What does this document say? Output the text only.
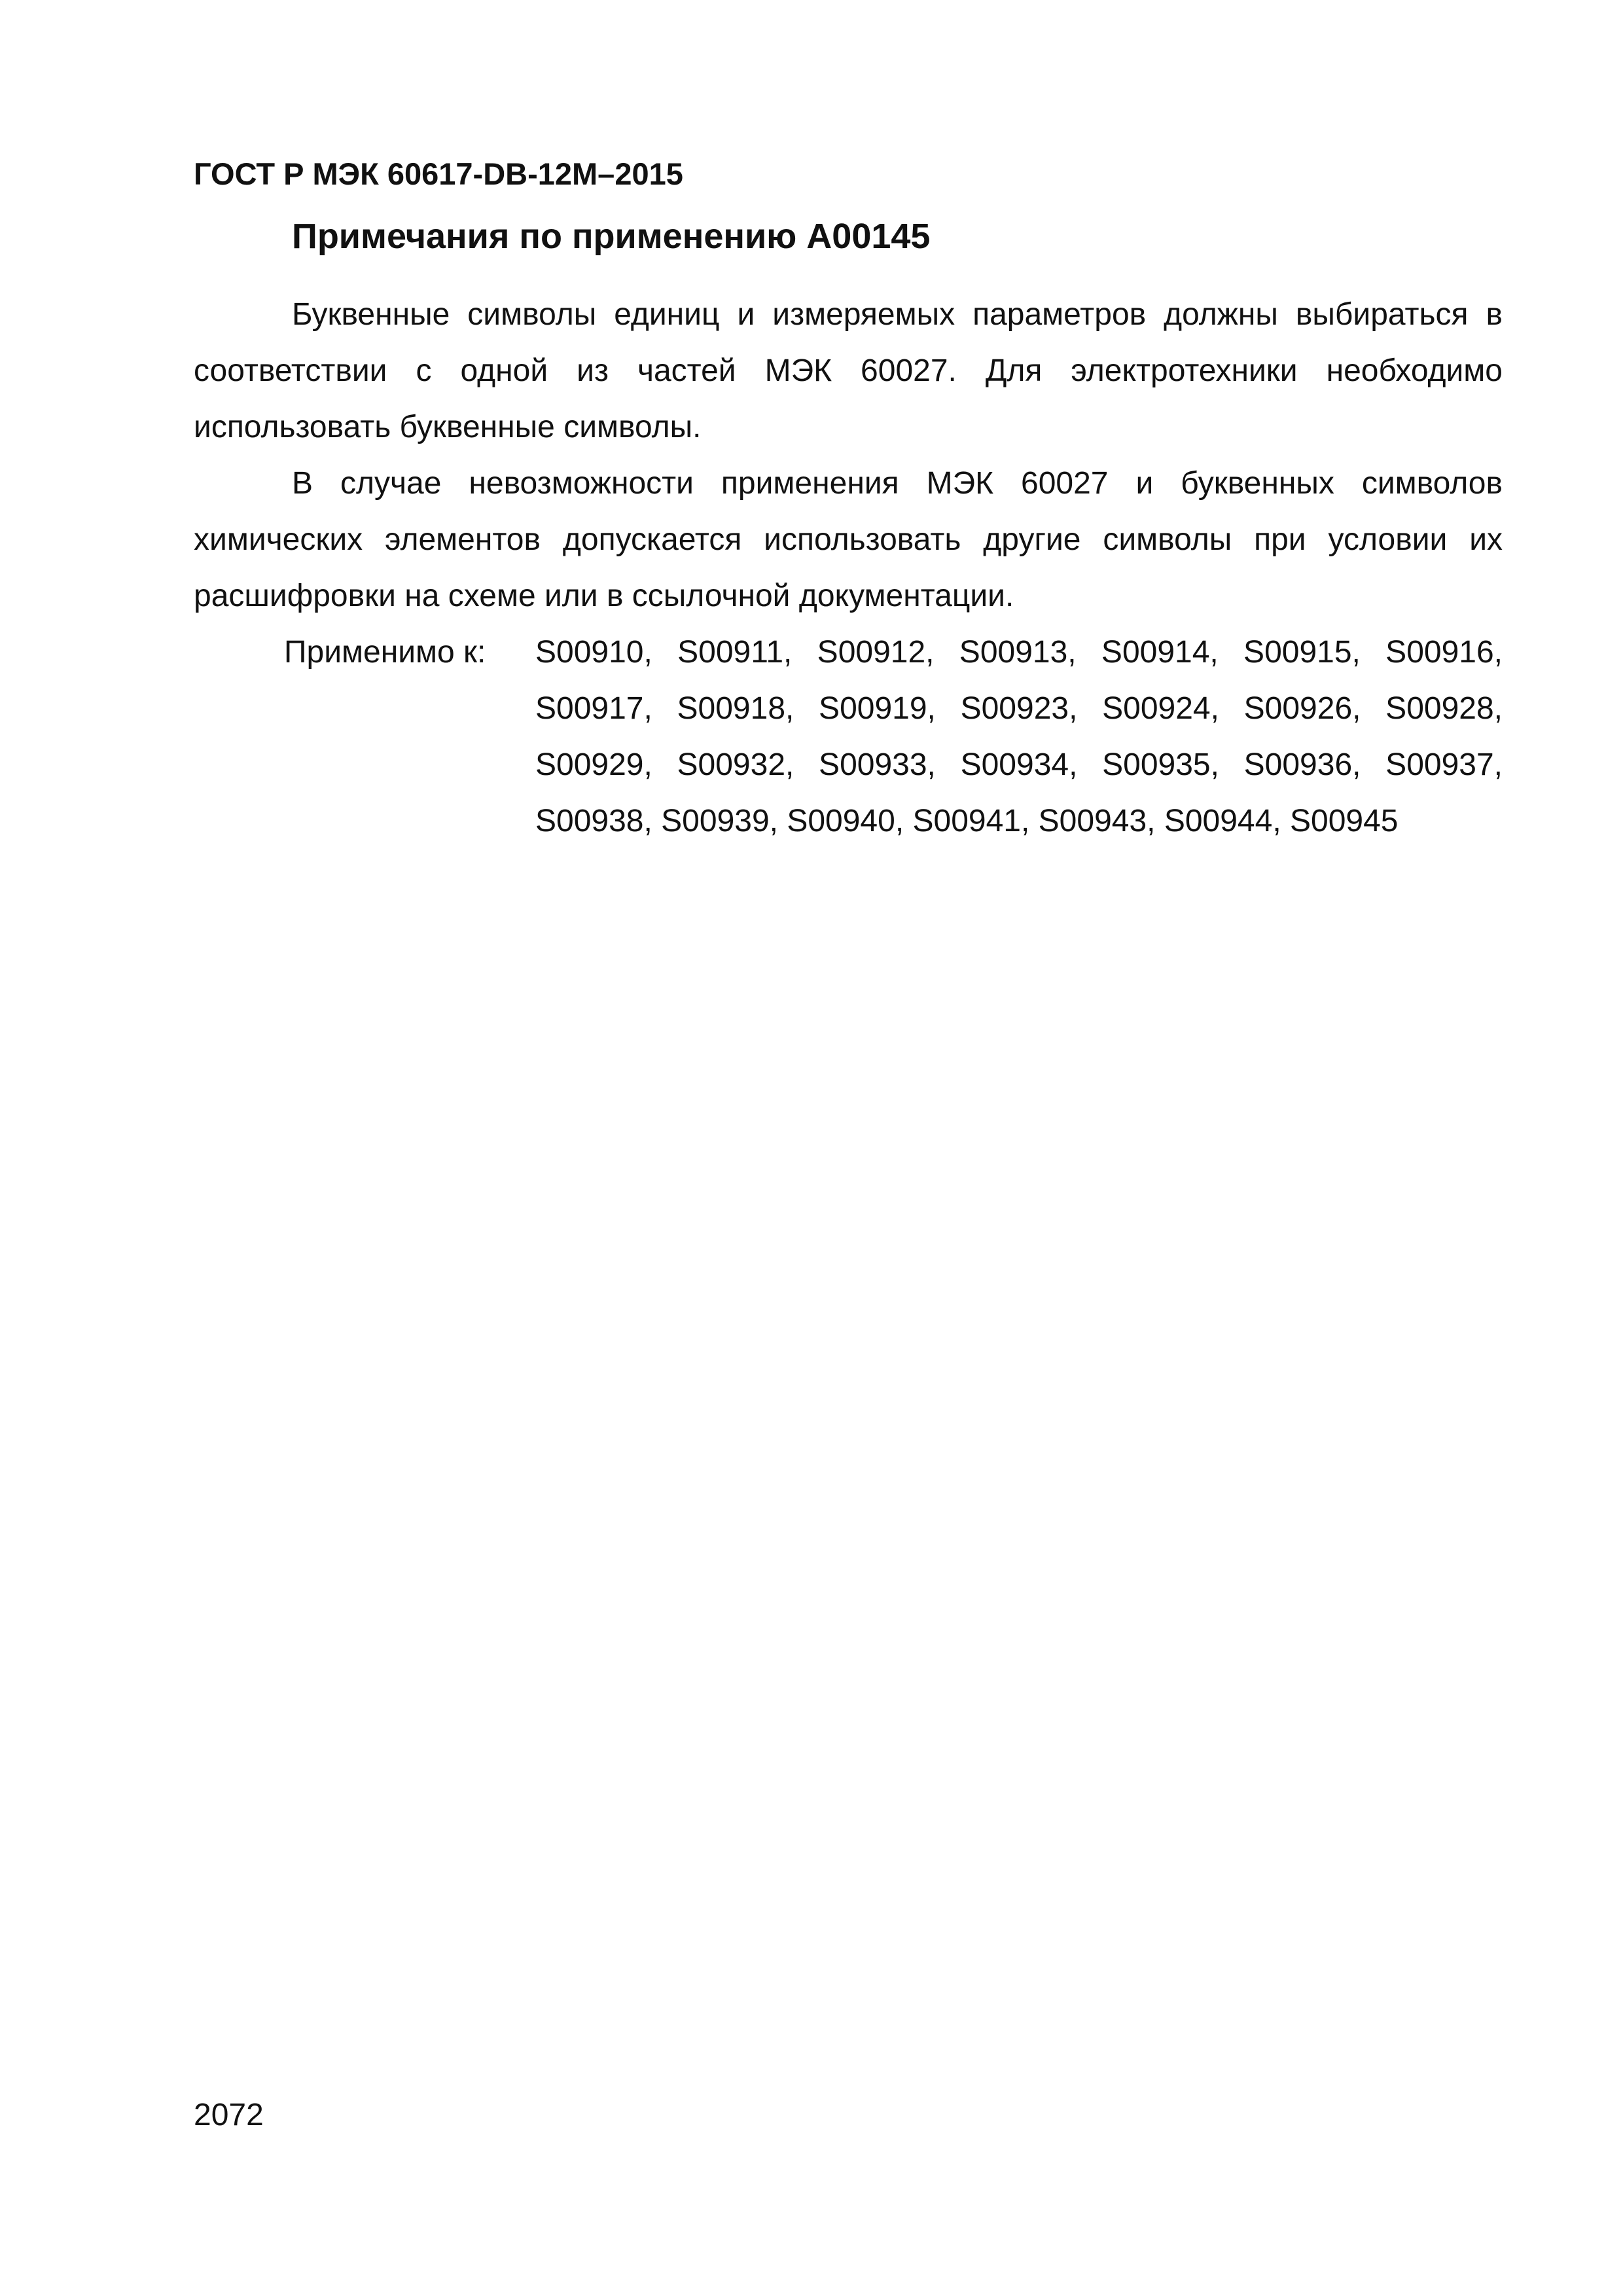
ГОСТ Р МЭК 60617-DB-12M–2015
Примечания по применению A00145

Буквенные символы единиц и измеряемых параметров должны выбираться в соответствии с одной из частей МЭК 60027. Для электротехники необходимо использовать буквенные символы.

В случае невозможности применения МЭК 60027 и буквенных символов химических элементов допускается использовать другие символы при условии их расшифровки на схеме или в ссылочной документации.

Применимо к: S00910, S00911, S00912, S00913, S00914, S00915, S00916, S00917, S00918, S00919, S00923, S00924, S00926, S00928, S00929, S00932, S00933, S00934, S00935, S00936, S00937, S00938, S00939, S00940, S00941, S00943, S00944, S00945

2072
